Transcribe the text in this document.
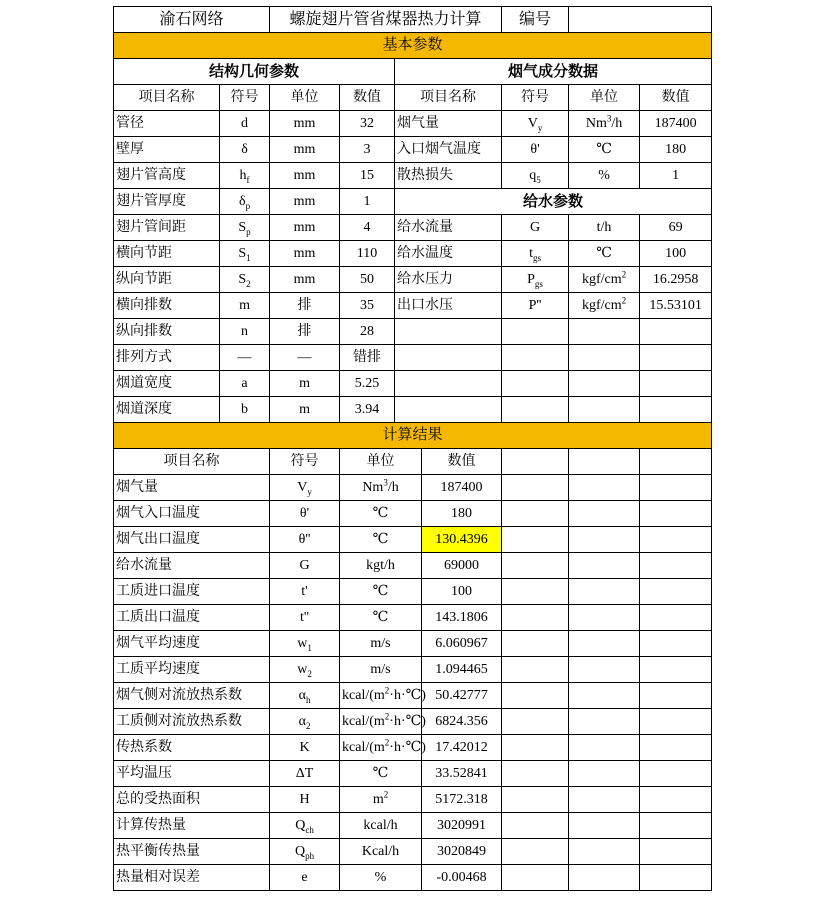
渝石网络		螺旋翅片管省煤器热力计算				编号		
基本参数								
结构几何参数				烟气成分数据				
项目名称	符号	单位	数值	项目名称		符号	单位	数值
管径	d	mm	32	烟气量		$V_y$	Nm$^3$/h	187400
壁厚	δ	mm	3	入口烟气温度		θ'	℃	180
翅片管高度	$h_f$	mm	15	散热损失		$q_5$	%	1
翅片管厚度	$\delta_p$	mm	1	给水参数				
翅片管间距	$S_p$	mm	4	给水流量		G	t/h	69
横向节距	$S_1$	mm	110	给水温度		$t_{gs}$	℃	100
纵向节距	$S_2$	mm	50	给水压力		$P_{gs}$	kgf/$cm^2$	16.2958
横向排数	m	排	35	出口水压		P''	kgf/$cm^2$	15.53101
纵向排数	n	排	28					
排列方式	—	—	错排					
烟道宽度	a	m	5.25					
烟道深度	b	m	3.94					
计算结果								
项目名称		符号	单位		数值			
烟气量		$V_y$	Nm$^3$/h		187400			
烟气入口温度		θ'	℃		180			
烟气出口温度		θ''	℃		130.4396			
给水流量		G	kgt/h		69000			
工质进口温度		t'	℃		100			
工质出口温度		t''	℃		143.1806			
烟气平均速度		$w_1$	m/s		6.060967			
工质平均速度		$w_2$	m/s		1.094465			
烟气侧对流放热系数		$\alpha_h$	kcal/$(m^2\cdot h\cdot℃)$		50.42777			
工质侧对流放热系数		$\alpha_2$	kcal/$(m^2\cdot h\cdot℃)$		6824.356			
传热系数		K	kcal/$(m^2\cdot h\cdot℃)$		17.42012			
平均温压		ΔT	℃		33.52841			
总的受热面积		H	$m^2$		5172.318			
计算传热量		$Q_{ch}$	kcal/h		3020991			
热平衡传热量		$Q_{ph}$	Kcal/h		3020849			
热量相对误差		e	%		-0.00468			
